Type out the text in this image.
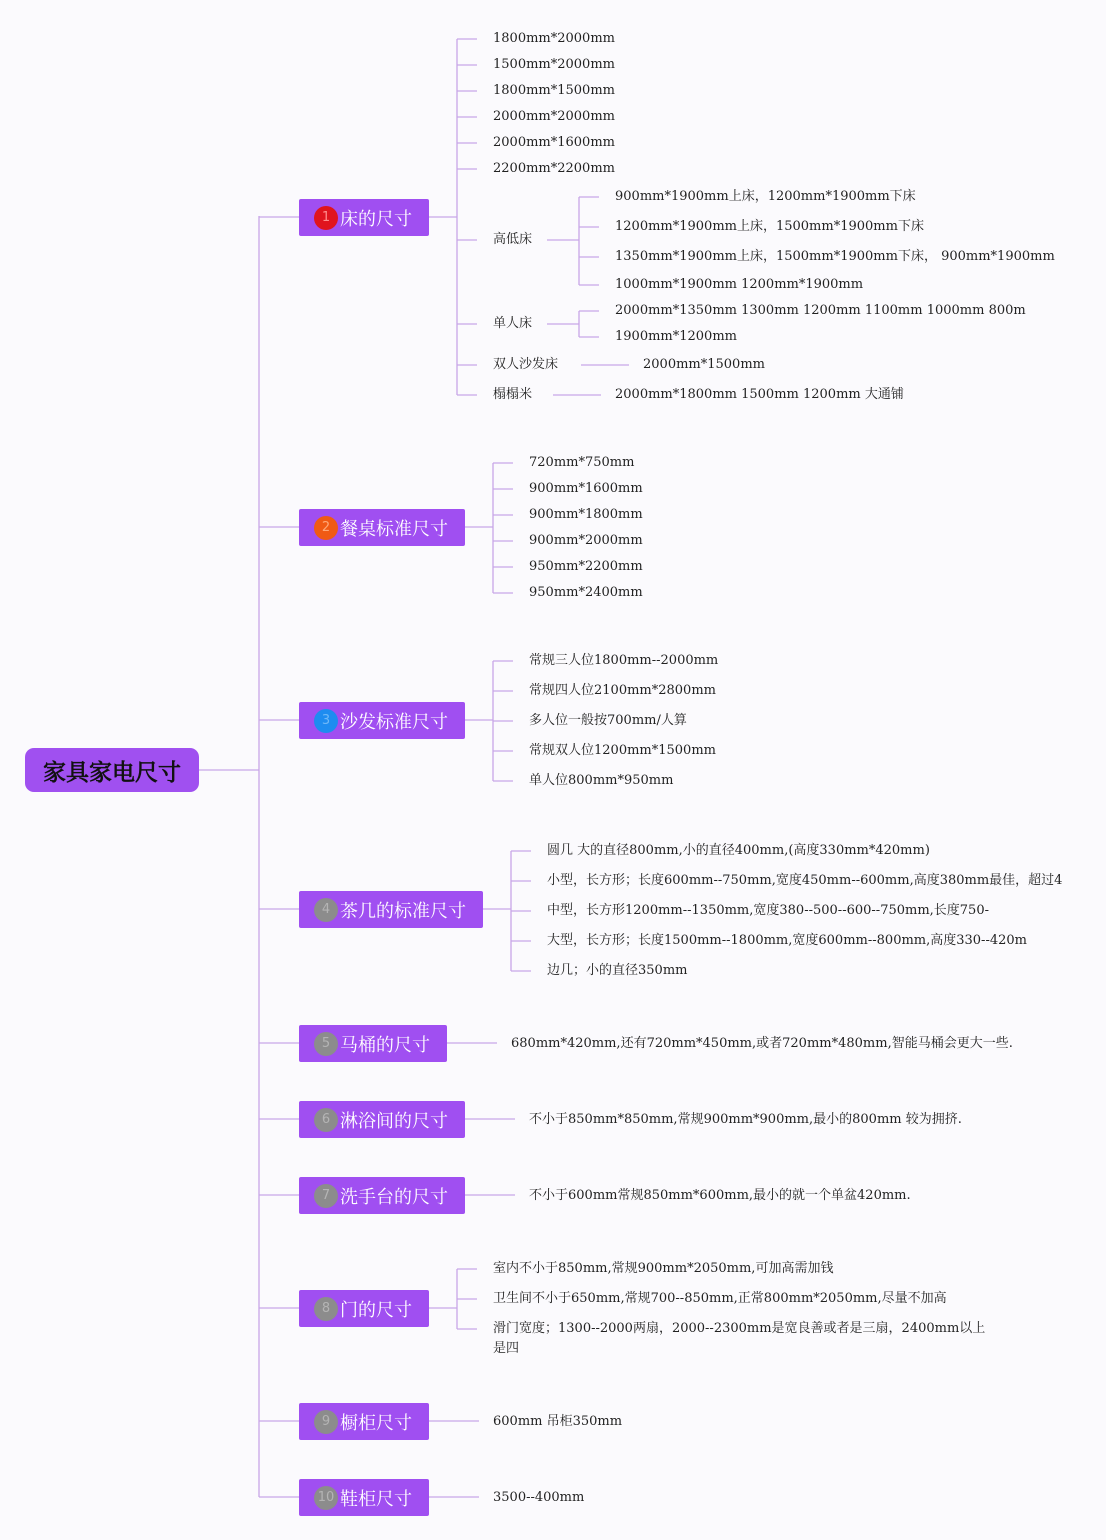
家具家电尺寸
1 床的尺寸
1800mm*2000mm
1500mm*2000mm
1800mm*1500mm
2000mm*2000mm
2000mm*1600mm
2200mm*2200mm
高低床
900mm*1900mm上床，1200mm*1900mm下床
1200mm*1900mm上床，1500mm*1900mm下床
1350mm*1900mm上床，1500mm*1900mm下床， 900mm*1900mm
1000mm*1900mm 1200mm*1900mm
单人床
2000mm*1350mm 1300mm 1200mm 1100mm 1000mm 800m
1900mm*1200mm
双人沙发床	2000mm*1500mm
榻榻米	2000mm*1800mm 1500mm 1200mm 大通铺
2 餐桌标准尺寸
720mm*750mm
900mm*1600mm
900mm*1800mm
900mm*2000mm
950mm*2200mm
950mm*2400mm
3 沙发标准尺寸
常规三人位1800mm--2000mm
常规四人位2100mm*2800mm
多人位一般按700mm/人算
常规双人位1200mm*1500mm
单人位800mm*950mm
4 茶几的标准尺寸
圆几 大的直径800mm,小的直径400mm,(高度330mm*420mm)
小型，长方形；长度600mm--750mm,宽度450mm--600mm,高度380mm最佳，超过4
中型，长方形1200mm--1350mm,宽度380--500--600--750mm,长度750-
大型，长方形；长度1500mm--1800mm,宽度600mm--800mm,高度330--420m
边几；小的直径350mm
5 马桶的尺寸	680mm*420mm,还有720mm*450mm,或者720mm*480mm,智能马桶会更大一些.
6 淋浴间的尺寸	不小于850mm*850mm,常规900mm*900mm,最小的800mm 较为拥挤.
7 洗手台的尺寸	不小于600mm常规850mm*600mm,最小的就一个单盆420mm.
8 门的尺寸
室内不小于850mm,常规900mm*2050mm,可加高需加钱
卫生间不小于650mm,常规700--850mm,正常800mm*2050mm,尽量不加高
滑门宽度；1300--2000两扇，2000--2300mm是宽良善或者是三扇，2400mm以上是四
9 橱柜尺寸	600mm 吊柜350mm
10 鞋柜尺寸	3500--400mm
